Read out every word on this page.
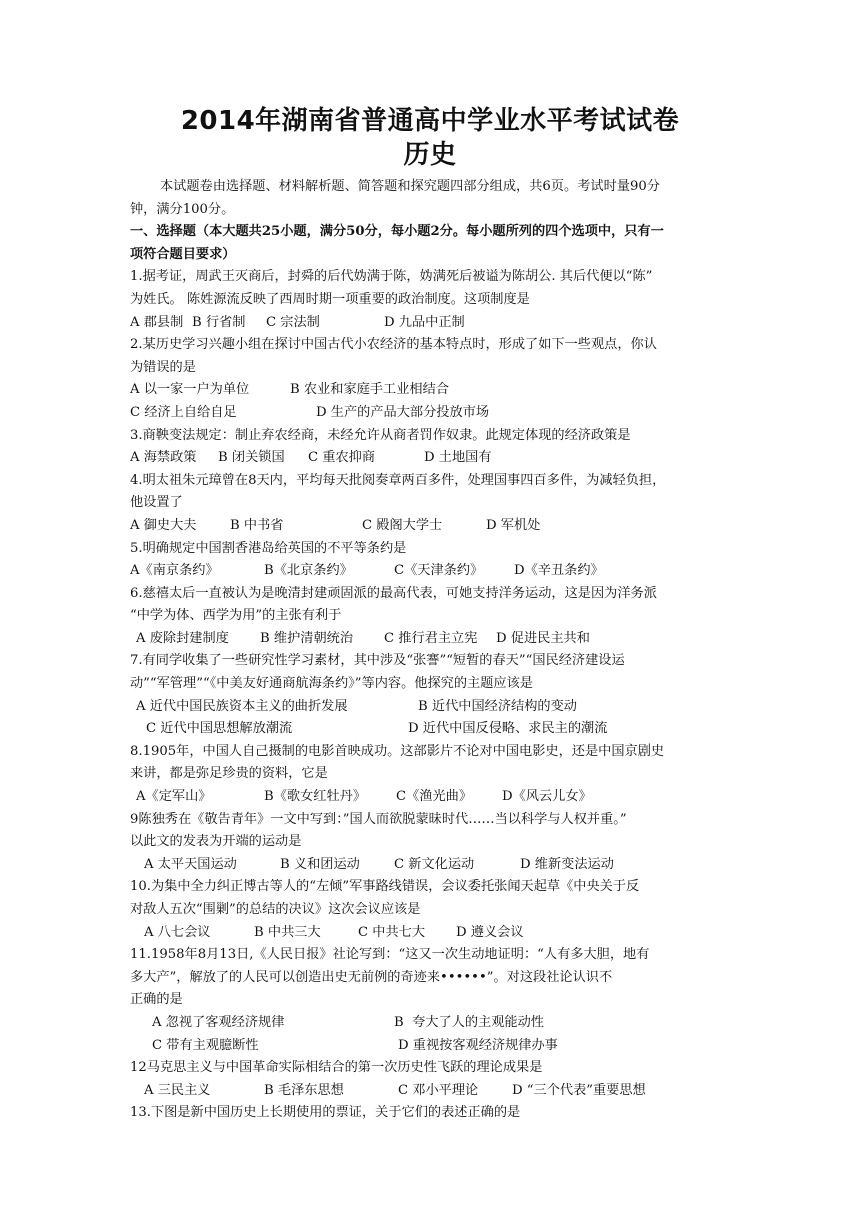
2014年湖南省普通高中学业水平考试试卷
历史
本试题卷由选择题、材料解析题、简答题和探究题四部分组成，共6页。考试时量90分
钟，满分100分。
一、选择题（本大题共25小题，满分50分，每小题2分。每小题所列的四个选项中，只有一
项符合题目要求）
1.据考证，周武王灭商后，封舜的后代妫满于陈，妫满死后被谥为陈胡公. 其后代便以“陈”
为姓氏。 陈姓源流反映了西周时期一项重要的政治制度。这项制度是
A 郡县制 B 行省制 C 宗法制	D 九品中正制
2.某历史学习兴趣小组在探讨中国古代小农经济的基本特点时，形成了如下一些观点，你认
为错误的是
A 以一家一户为单位	B 农业和家庭手工业相结合
C 经济上自给自足	D 生产的产品大部分投放市场
3.商鞅变法规定：制止弃农经商，未经允许从商者罚作奴隶。此规定体现的经济政策是
A 海禁政策 B 闭关锁国 C 重农抑商	D 土地国有
4.明太祖朱元璋曾在8天内，平均每天批阅奏章两百多件，处理国事四百多件，为减轻负担，
他设置了
A 御史大夫	B 中书省	C 殿阁大学士	D 军机处
5.明确规定中国割香港岛给英国的不平等条约是
A《南京条约》	B《北京条约》	C《天津条约》 D《辛丑条约》
6.慈禧太后一直被认为是晚清封建顽固派的最高代表，可她支持洋务运动，这是因为洋务派
“中学为体、西学为用”的主张有利于
A 废除封建制度 B 维护清朝统治 C 推行君主立宪 D 促进民主共和
7.有同学收集了一些研究性学习素材，其中涉及“张謇”“短暂的春天”“国民经济建设运
动”“军管理”“《中美友好通商航海条约》”等内容。他探究的主题应该是
A 近代中国民族资本主义的曲折发展	B 近代中国经济结构的变动
C 近代中国思想解放潮流	D 近代中国反侵略、求民主的潮流
8.1905年，中国人自己摄制的电影首映成功。这部影片不论对中国电影史，还是中国京剧史
来讲，都是弥足珍贵的资料，它是
A《定军山》	B《歌女红牡丹》 C《渔光曲》 D《风云儿女》
9陈独秀在《敬告青年》一文中写到：”国人而欲脱蒙昧时代……当以科学与人权并重。”
以此文的发表为开端的运动是
A 太平天国运动	B 义和团运动	C 新文化运动	D 维新变法运动
10.为集中全力纠正博古等人的“左倾”军事路线错误，会议委托张闻天起草《中央关于反
对敌人五次“围剿”的总结的决议》这次会议应该是
A 八七会议	B 中共三大	C 中共七大 D 遵义会议
11.1958年8月13日,《人民日报》社论写到：“这又一次生动地证明：“人有多大胆，地有
多大产”，解放了的人民可以创造出史无前例的奇迹来••••••”。对这段社论认识不
正确的是
A 忽视了客观经济规律	B  夸大了人的主观能动性
C 带有主观臆断性	D 重视按客观经济规律办事
12马克思主义与中国革命实际相结合的第一次历史性飞跃的理论成果是
A 三民主义	B 毛泽东思想	C 邓小平理论	D “三个代表”重要思想
13.下图是新中国历史上长期使用的票证，关于它们的表述正确的是
